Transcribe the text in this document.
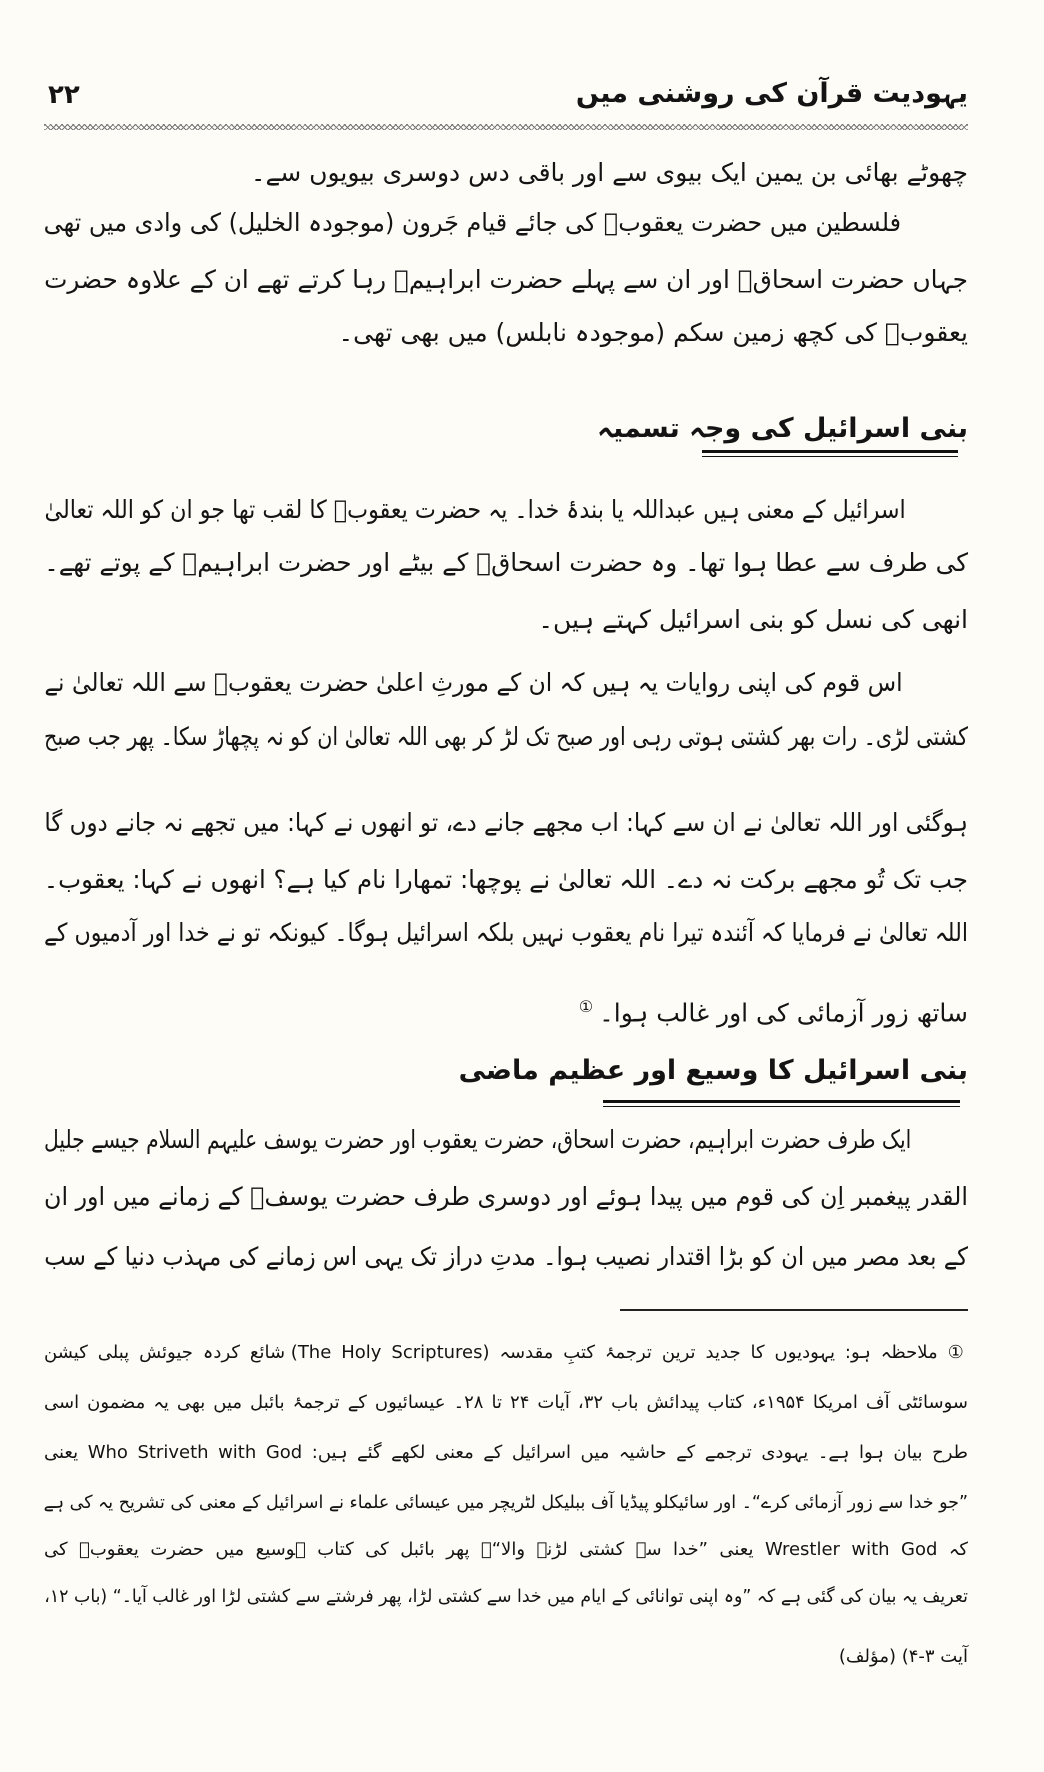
یہودیت قرآن کی روشنی میں
۲۲
چھوٹے بھائی بن یمین ایک بیوی سے اور باقی دس دوسری بیویوں سے۔
فلسطین میں حضرت یعقوبؑ کی جائے قیام جَرون (موجودہ الخلیل) کی وادی میں تھی
جہاں حضرت اسحاقؑ اور ان سے پہلے حضرت ابراہیمؑ رہا کرتے تھے ان کے علاوہ حضرت
یعقوبؑ کی کچھ زمین سکم (موجودہ نابلس) میں بھی تھی۔
بنی اسرائیل کی وجہ تسمیہ
اسرائیل کے معنی ہیں عبداللہ یا بندۂ خدا۔ یہ حضرت یعقوبؑ کا لقب تھا جو ان کو اللہ تعالیٰ
کی طرف سے عطا ہوا تھا۔ وہ حضرت اسحاقؑ کے بیٹے اور حضرت ابراہیمؑ کے پوتے تھے۔
انھی کی نسل کو بنی اسرائیل کہتے ہیں۔
اس قوم کی اپنی روایات یہ ہیں کہ ان کے مورثِ اعلیٰ حضرت یعقوبؑ سے اللہ تعالیٰ نے
کشتی لڑی۔ رات بھر کشتی ہوتی رہی اور صبح تک لڑ کر بھی اللہ تعالیٰ ان کو نہ پچھاڑ سکا۔ پھر جب صبح
ہوگئی اور اللہ تعالیٰ نے ان سے کہا: اب مجھے جانے دے، تو انھوں نے کہا: میں تجھے نہ جانے دوں گا
جب تک تُو مجھے برکت نہ دے۔ اللہ تعالیٰ نے پوچھا: تمھارا نام کیا ہے؟ انھوں نے کہا: یعقوب۔
اللہ تعالیٰ نے فرمایا کہ آئندہ تیرا نام یعقوب نہیں بلکہ اسرائیل ہوگا۔ کیونکہ تو نے خدا اور آدمیوں کے
ساتھ زور آزمائی کی اور غالب ہوا۔①
بنی اسرائیل کا وسیع اور عظیم ماضی
ایک طرف حضرت ابراہیم، حضرت اسحاق، حضرت یعقوب اور حضرت یوسف علیہم السلام جیسے جلیل
القدر پیغمبر اِن کی قوم میں پیدا ہوئے اور دوسری طرف حضرت یوسفؑ کے زمانے میں اور ان
کے بعد مصر میں ان کو بڑا اقتدار نصیب ہوا۔ مدتِ دراز تک یہی اس زمانے کی مہذب دنیا کے سب
① ملاحظہ ہو: یہودیوں کا جدید ترین ترجمۂ کتبِ مقدسہ (The Holy Scriptures) شائع کردہ جیوئش پبلی کیشن
سوسائٹی آف امریکا ۱۹۵۴ء، کتاب پیدائش باب ۳۲، آیات ۲۴ تا ۲۸۔ عیسائیوں کے ترجمۂ بائبل میں بھی یہ مضمون اسی
طرح بیان ہوا ہے۔ یہودی ترجمے کے حاشیہ میں اسرائیل کے معنی لکھے گئے ہیں: Who Striveth with God یعنی
”جو خدا سے زور آزمائی کرے“۔ اور سائیکلو پیڈیا آف ببلیکل لٹریچر میں عیسائی علماء نے اسرائیل کے معنی کی تشریح یہ کی ہے
کہ Wrestler with God یعنی ”خدا سے کشتی لڑنے والا“۔ پھر بائبل کی کتاب ہوسیع میں حضرت یعقوبؑ کی
تعریف یہ بیان کی گئی ہے کہ ”وہ اپنی توانائی کے ایام میں خدا سے کشتی لڑا، پھر فرشتے سے کشتی لڑا اور غالب آیا۔“ (باب ۱۲،
آیت ۳-۴) (مؤلف)
